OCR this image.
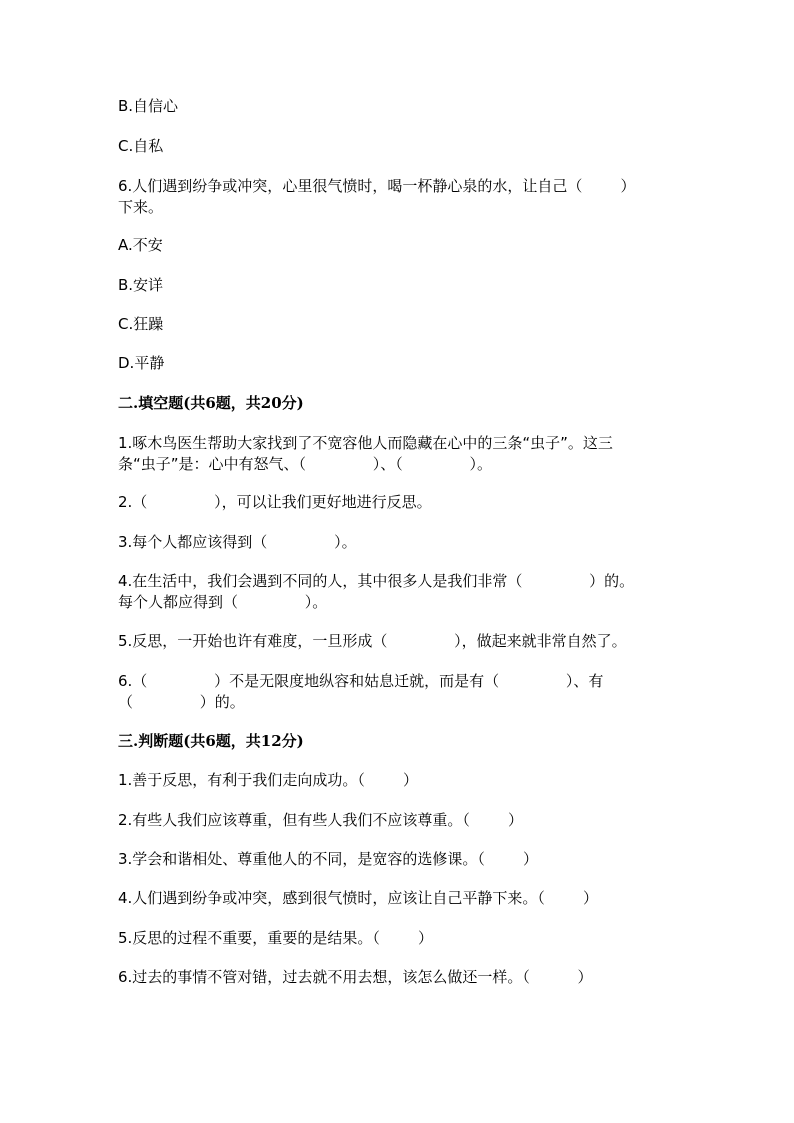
B.自信心
C.自私
6.人们遇到纷争或冲突，心里很气愤时，喝一杯静心泉的水，让自己（        ）
下来。
A.不安
B.安详
C.狂躁
D.平静
二.填空题(共6题，共20分)
1.啄木鸟医生帮助大家找到了不宽容他人而隐藏在心中的三条“虫子”。这三
条“虫子”是：心中有怒气、（              ）、（              ）。
2.（              ），可以让我们更好地进行反思。
3.每个人都应该得到（              ）。
4.在生活中，我们会遇到不同的人，其中很多人是我们非常（              ）的。
每个人都应得到（              ）。
5.反思，一开始也许有难度，一旦形成（              ），做起来就非常自然了。
6.（              ）不是无限度地纵容和姑息迁就，而是有（              ）、有
（              ）的。
三.判断题(共6题，共12分)
1.善于反思，有利于我们走向成功。（        ）
2.有些人我们应该尊重，但有些人我们不应该尊重。（        ）
3.学会和谐相处、尊重他人的不同，是宽容的选修课。（        ）
4.人们遇到纷争或冲突，感到很气愤时，应该让自己平静下来。（        ）
5.反思的过程不重要，重要的是结果。（        ）
6.过去的事情不管对错，过去就不用去想，该怎么做还一样。（          ）
